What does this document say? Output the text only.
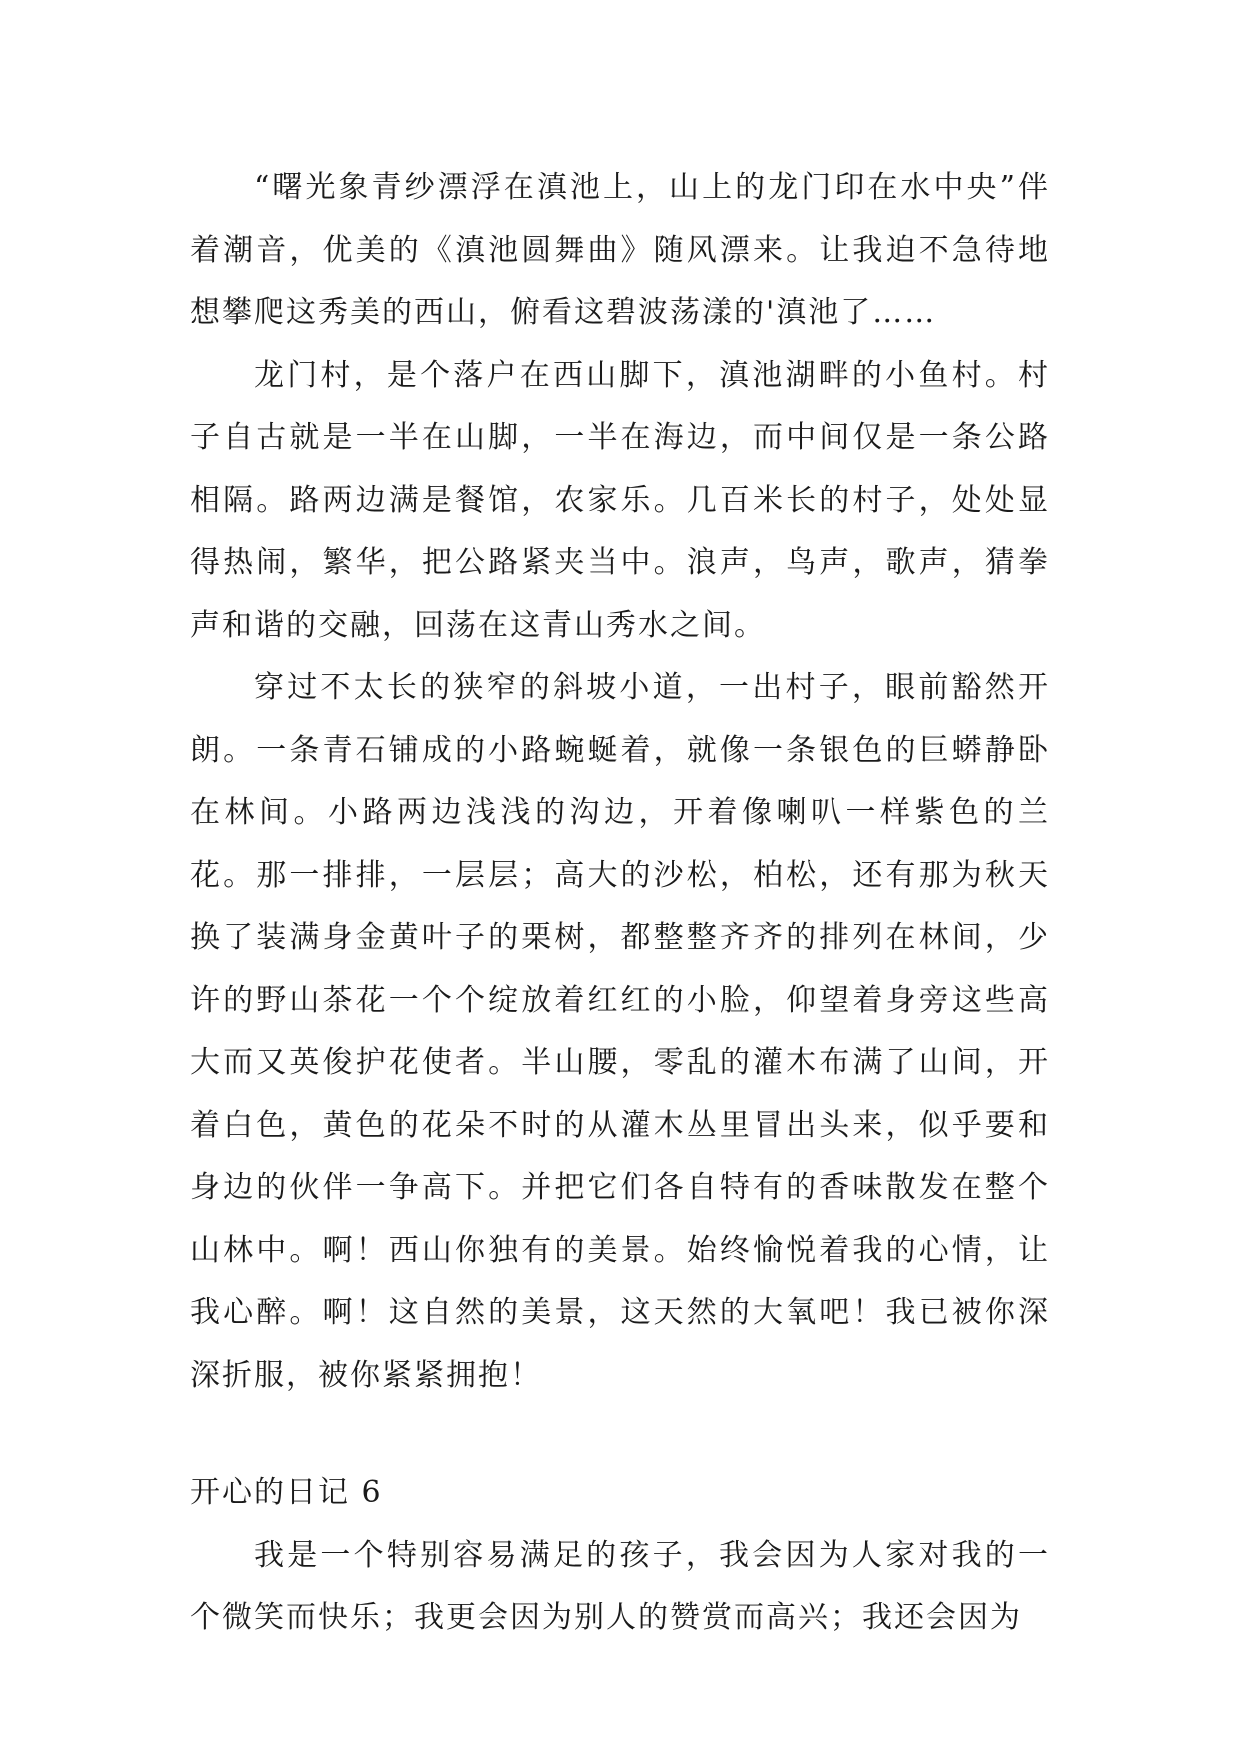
“曙光象青纱漂浮在滇池上，山上的龙门印在水中央”伴着潮音，优美的《滇池圆舞曲》随风漂来。让我迫不急待地想攀爬这秀美的西山，俯看这碧波荡漾的'滇池了……

龙门村，是个落户在西山脚下，滇池湖畔的小鱼村。村子自古就是一半在山脚，一半在海边，而中间仅是一条公路相隔。路两边满是餐馆，农家乐。几百米长的村子，处处显得热闹，繁华，把公路紧夹当中。浪声，鸟声，歌声，猜拳声和谐的交融，回荡在这青山秀水之间。

穿过不太长的狭窄的斜坡小道，一出村子，眼前豁然开朗。一条青石铺成的小路蜿蜒着，就像一条银色的巨蟒静卧在林间。小路两边浅浅的沟边，开着像喇叭一样紫色的兰花。那一排排，一层层；高大的沙松，柏松，还有那为秋天换了装满身金黄叶子的栗树，都整整齐齐的排列在林间，少许的野山茶花一个个绽放着红红的小脸，仰望着身旁这些高大而又英俊护花使者。半山腰，零乱的灌木布满了山间，开着白色，黄色的花朵不时的从灌木丛里冒出头来，似乎要和身边的伙伴一争高下。并把它们各自特有的香味散发在整个山林中。啊！西山你独有的美景。始终愉悦着我的心情，让我心醉。啊！这自然的美景，这天然的大氧吧！我已被你深深折服，被你紧紧拥抱！

开心的日记 6

我是一个特别容易满足的孩子，我会因为人家对我的一个微笑而快乐；我更会因为别人的赞赏而高兴；我还会因为
